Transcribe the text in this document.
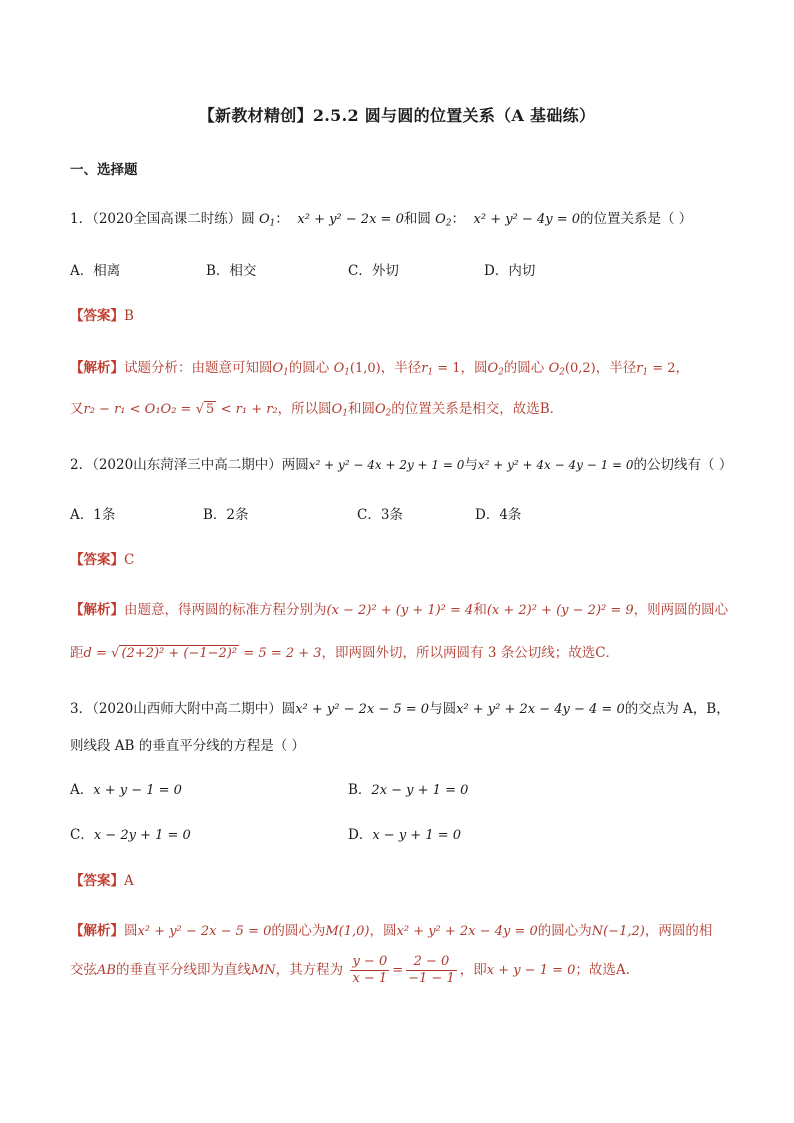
【新教材精创】2.5.2 圆与圆的位置关系（A 基础练）
一、选择题
1．（2020全国高课二时练）圆 $O_1$： x² + y² − 2x = 0和圆 $O_2$： x² + y² − 4y = 0的位置关系是（ ）
A．相离	B．相交	C．外切	D．内切
【答案】B
【解析】试题分析：由题意可知圆$O_1$的圆心 $O_1(1,0)$，半径$r_1 = 1$，圆$O_2$的圆心 $O_2(0,2)$，半径$r_1 = 2$，
又r₂ − r₁ < O₁O₂ = √ 5 < r₁ + r₂，所以圆$O_1$和圆$O_2$的位置关系是相交，故选B．
2．（2020山东菏泽三中高二期中）两圆x² + y² − 4x + 2y + 1 = 0与x² + y² + 4x − 4y − 1 = 0的公切线有（ ）
A．1条	B．2条	C．3条	D．4条
【答案】C
【解析】由题意，得两圆的标准方程分别为(x − 2)² + (y + 1)² = 4和(x + 2)² + (y − 2)² = 9，则两圆的圆心
距d = √ (2+2)² + (−1−2)² = 5 = 2 + 3，即两圆外切，所以两圆有 3 条公切线；故选C．
3．（2020山西师大附中高二期中）圆x² + y² − 2x − 5 = 0与圆x² + y² + 2x − 4y − 4 = 0的交点为 A，B，
则线段 AB 的垂直平分线的方程是（ ）
A．x + y − 1 = 0	B．2x − y + 1 = 0
C．x − 2y + 1 = 0	D．x − y + 1 = 0
【答案】A
【解析】圆x² + y² − 2x − 5 = 0的圆心为M(1,0)，圆x² + y² + 2x − 4y = 0的圆心为N(−1,2)，两圆的相
交弦AB的垂直平分线即为直线MN，其方程为 $\frac{y - 0}{x - 1} = \frac{2 - 0}{-1 - 1}$ ，即x + y − 1 = 0；故选A.
